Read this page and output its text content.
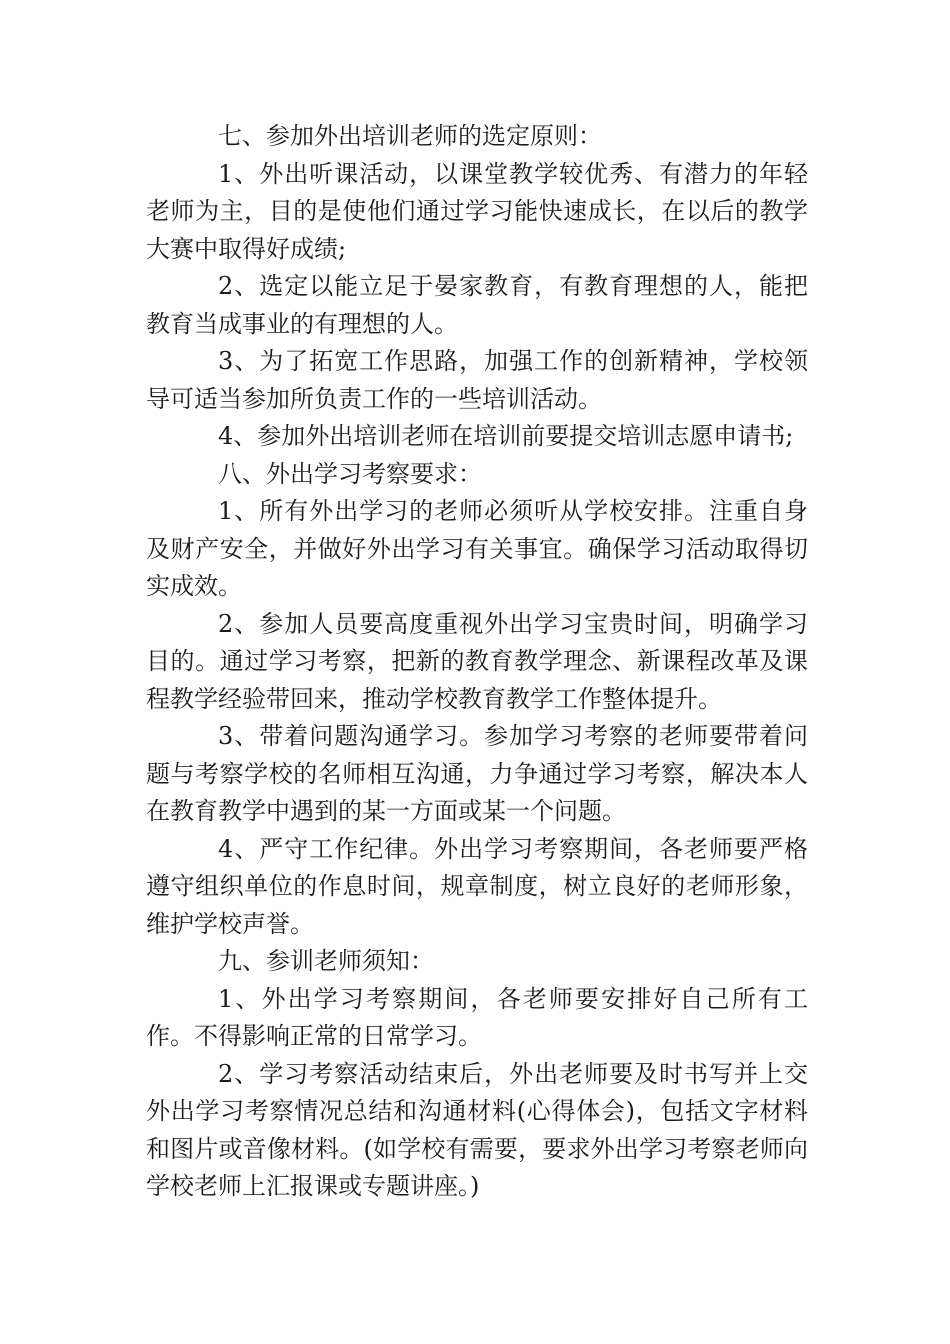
七、参加外出培训老师的选定原则：

1、外出听课活动，以课堂教学较优秀、有潜力的年轻老师为主，目的是使他们通过学习能快速成长，在以后的教学大赛中取得好成绩;

2、选定以能立足于晏家教育，有教育理想的人，能把教育当成事业的有理想的人。

3、为了拓宽工作思路，加强工作的创新精神，学校领导可适当参加所负责工作的一些培训活动。

4、参加外出培训老师在培训前要提交培训志愿申请书;

八、外出学习考察要求：

1、所有外出学习的老师必须听从学校安排。注重自身及财产安全，并做好外出学习有关事宜。确保学习活动取得切实成效。

2、参加人员要高度重视外出学习宝贵时间，明确学习目的。通过学习考察，把新的教育教学理念、新课程改革及课程教学经验带回来，推动学校教育教学工作整体提升。

3、带着问题沟通学习。参加学习考察的老师要带着问题与考察学校的名师相互沟通，力争通过学习考察，解决本人在教育教学中遇到的某一方面或某一个问题。

4、严守工作纪律。外出学习考察期间，各老师要严格遵守组织单位的作息时间，规章制度，树立良好的老师形象，维护学校声誉。

九、参训老师须知：

1、外出学习考察期间，各老师要安排好自己所有工作。不得影响正常的日常学习。

2、学习考察活动结束后，外出老师要及时书写并上交外出学习考察情况总结和沟通材料(心得体会)，包括文字材料和图片或音像材料。(如学校有需要，要求外出学习考察老师向学校老师上汇报课或专题讲座。)
